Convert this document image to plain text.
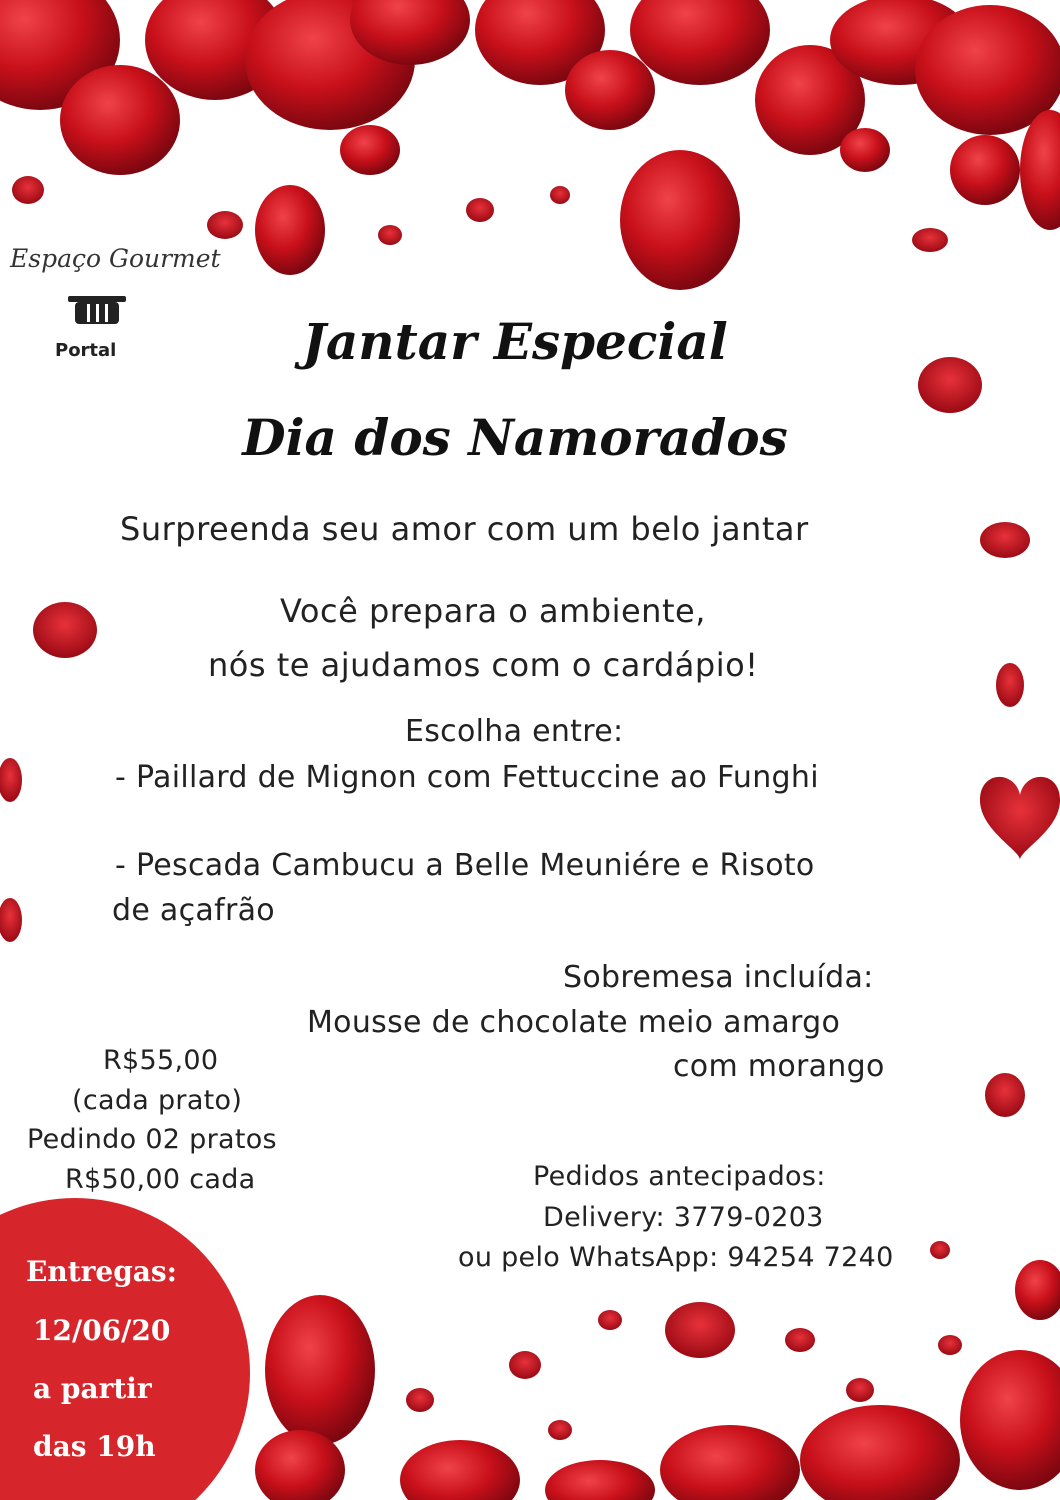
Espaço Gourmet
Portal	Jantar Especial
Dia dos Namorados
Surpreenda seu amor com um belo jantar
Você prepara o ambiente,
nós te ajudamos com o cardápio!
Escolha entre:
- Paillard de Mignon com Fettuccine ao Funghi
- Pescada Cambucu a Belle Meuniére e Risoto
de açafrão
Sobremesa incluída:
Mousse de chocolate meio amargo
com morango
R$55,00
(cada prato)
Pedindo 02 pratos
R$50,00 cada	Pedidos antecipados:
Delivery: 3779-0203
ou pelo WhatsApp: 94254 7240
Entregas:
12/06/20
a partir
das 19h
